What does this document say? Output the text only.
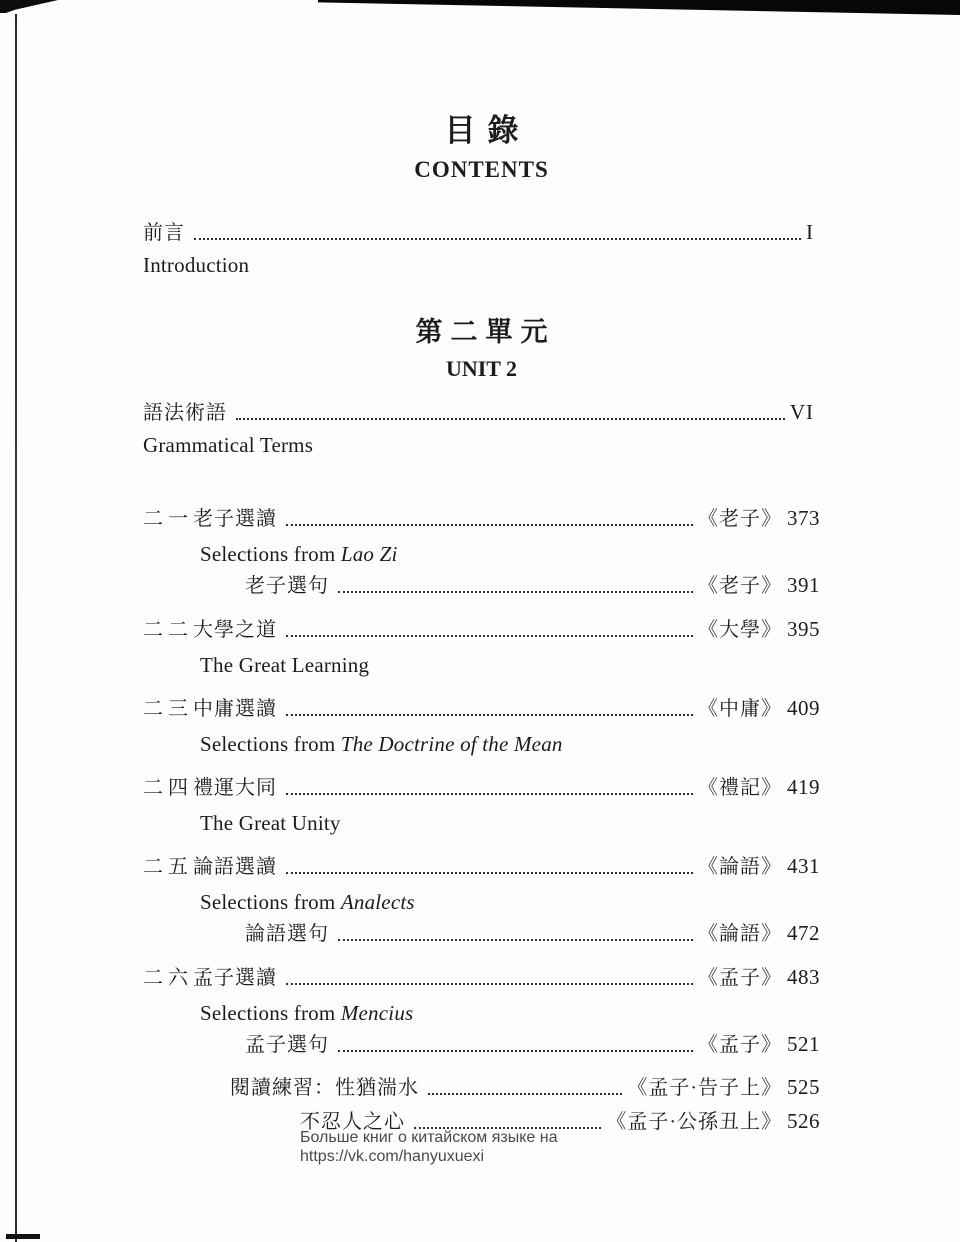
目錄
CONTENTS
前言	I
Introduction
第二單元
UNIT 2
語法術語	VI
Grammatical Terms
二一 老子選讀	《老子》 373
Selections from Lao Zi
老子選句	《老子》 391
二二 大學之道	《大學》 395
The Great Learning
二三 中庸選讀	《中庸》 409
Selections from The Doctrine of the Mean
二四 禮運大同	《禮記》 419
The Great Unity
二五 論語選讀	《論語》 431
Selections from Analects
論語選句	《論語》 472
二六 孟子選讀	《孟子》 483
Selections from Mencius
孟子選句	《孟子》 521
閱讀練習：性猶湍水	《孟子·告子上》 525
不忍人之心	《孟子·公孫丑上》 526
Больше книг о китайском языке на
https://vk.com/hanyuxuexi
